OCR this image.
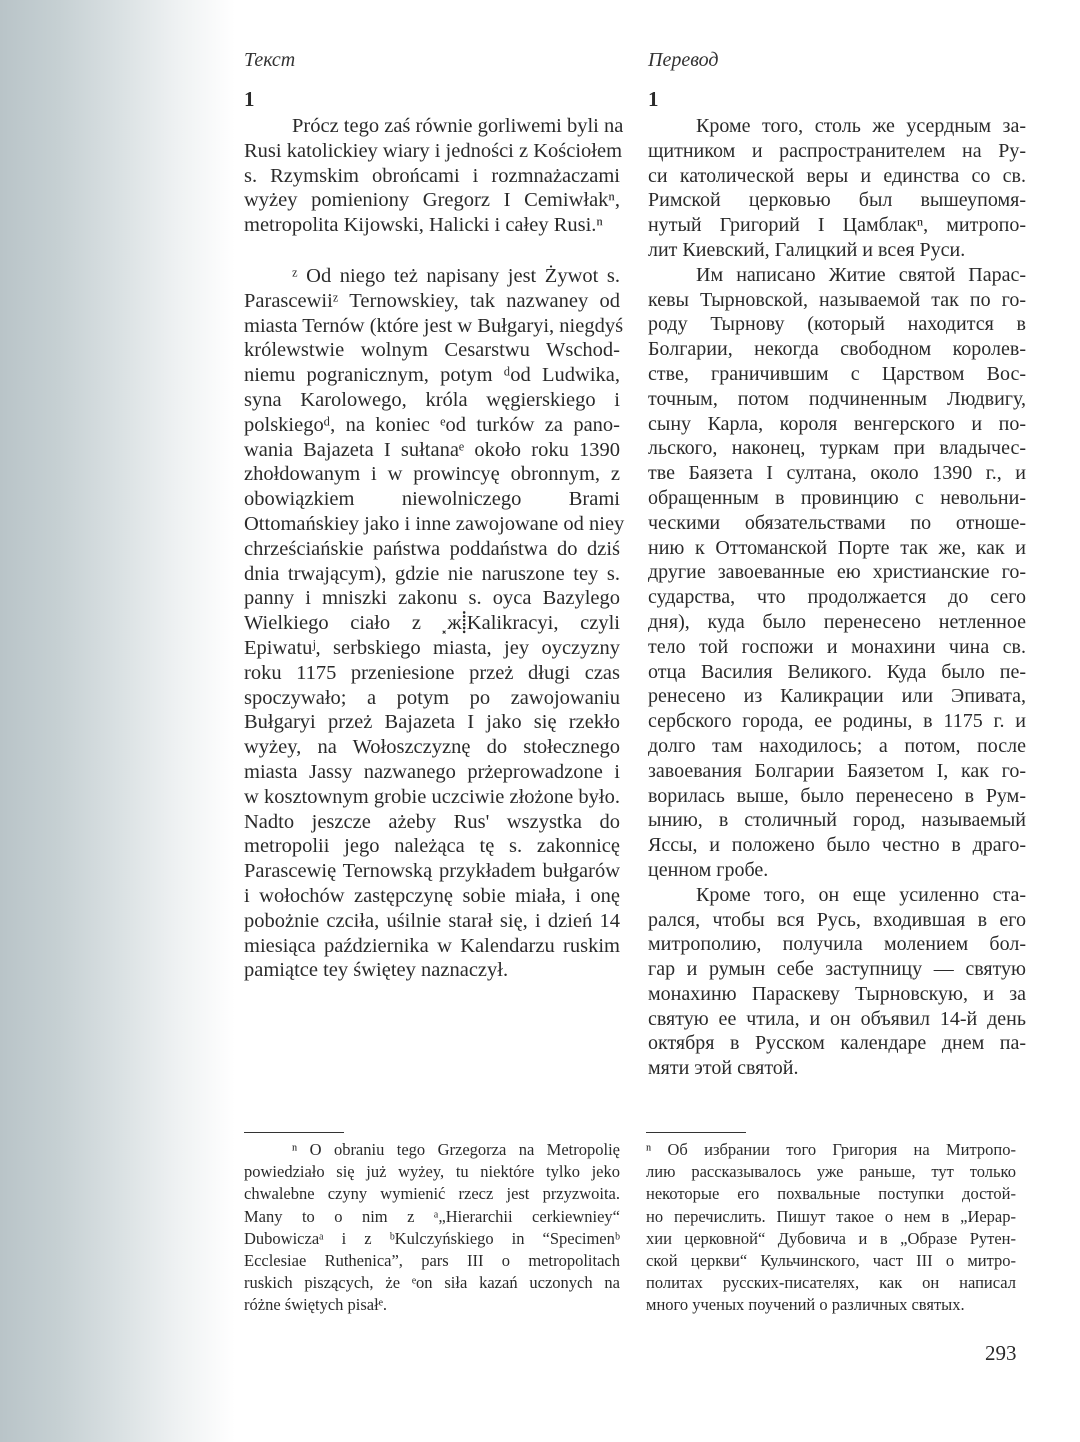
Текст
1
Prócz tego zaś równie gorliwemi byli na
Rusi katolickiey wiary i jedności z Kościołem
s. Rzymskim obrońcami i rozmnażaczami
wyżey pomieniony Gregorz I Cemiwłakⁿ,
metropolita Kijowski, Halicki i całey Rusi.ⁿ
ᶻ Od niego też napisany jest Żywot s.
Parascewiiᶻ Ternowskiey, tak nazwaney od
miasta Ternów (które jest w Bułgaryi, niegdyś
królewstwie wolnym Cesarstwu Wschod-
niemu pogranicznym, potym ᵈod Ludwika,
syna Karolowego, króla węgierskiego i
polskiegoᵈ, na koniec ᵉod turków za pano-
wania Bajazeta I sułtanaᵉ około roku 1390
zhołdowanym i w prowincyę obronnym, z
obowiązkiem niewolniczego Brami
Ottomańskiey jako i inne zawojowane od niey
chrześciańskie państwa poddaństwa do dziś
dnia trwającym), gdzie nie naruszone tey s.
panny i mniszki zakonu s. oyca Bazylego
Wielkiego ciało z ⸼ж⸽Kalikracyi, czyli
Epiwatuʲ, serbskiego miasta, jey oyczyzny
roku 1175 przeniesione przeż długi czas
spoczywało; a potym po zawojowaniu
Bułgaryi przeż Bajazeta I jako się rzekło
wyżey, na Wołoszczyznę do stołecznego
miasta Jassy nazwanego prżeprowadzone i
w kosztownym grobie uczciwie złożone było.
Nadto jeszcze ażeby Rus' wszystka do
metropolii jego należąca tę s. zakonnicę
Parascewię Ternowską przykładem bułgarów
i wołochów zastępczynę sobie miała, i onę
pobożnie czciła, uśilnie starał się, i dzień 14
miesiąca października w Kalendarzu ruskim
pamiątce tey świętey naznaczył.
Перевод
1
Кроме того, столь же усердным за-
щитником и распространителем на Ру-
си католической веры и единства со св.
Римской церковью был вышеупомя-
нутый Григорий I Цамблакⁿ, митропо-
лит Киевский, Галицкий и всея Руси.
Им написано Житие святой Парас-
кевы Тырновской, называемой так по го-
роду Тырнову (который находится в
Болгарии, некогда свободном королев-
стве, граничившим с Царством Вос-
точным, потом подчиненным Людвигу,
сыну Карла, короля венгерского и по-
льского, наконец, туркам при владычес-
тве Баязета I султана, около 1390 г., и
обращенным в провинцию с невольни-
ческими обязательствами по отноше-
нию к Оттоманской Порте так же, как и
другие завоеванные ею христианские го-
сударства, что продолжается до сего
дня), куда было перенесено нетленное
тело той госпожи и монахини чина св.
отца Василия Великого. Куда было пе-
ренесено из Каликрации или Эпивата,
сербского города, ее родины, в 1175 г. и
долго там находилось; а потом, после
завоевания Болгарии Баязетом I, как го-
ворилась выше, было перенесено в Рум-
ынию, в столичный город, называемый
Яссы, и положено было честно в драго-
ценном гробе.
Кроме того, он еще усиленно ста-
рался, чтобы вся Русь, входившая в его
митрополию, получила молением бол-
гар и румын себе заступницу — святую
монахиню Параскеву Тырновскую, и за
святую ее чтила, и он объявил 14-й день
октября в Русском календаре днем па-
мяти этой святой.
ⁿ O obraniu tego Grzegorza na Metropolię
powiedziało się już wyżey, tu niektóre tylko jeko
chwalebne czyny wymienić rzecz jest przyzwoita.
Many to o nim z ᵃ„Hierarchii cerkiewniey“
Dubowiczaᵃ i z ᵇKulczyńskiego in “Specimenᵇ
Ecclesiae Ruthenica”, pars III o metropolitach
ruskich piszących, że ᵉon siła kazań uczonych na
różne świętych pisałᵉ.
ⁿ Об избрании того Григория на Митропо-
лию рассказывалось уже раньше, тут только
некоторые его похвальные поступки достой-
но перечислить. Пишут такое о нем в „Иерар-
хии церковной“ Дубовича и в „Образе Рутен-
ской церкви“ Кульчинского, част III о митро-
политах русских-писателях, как он написал
много ученых поучений о различных святых.
293
